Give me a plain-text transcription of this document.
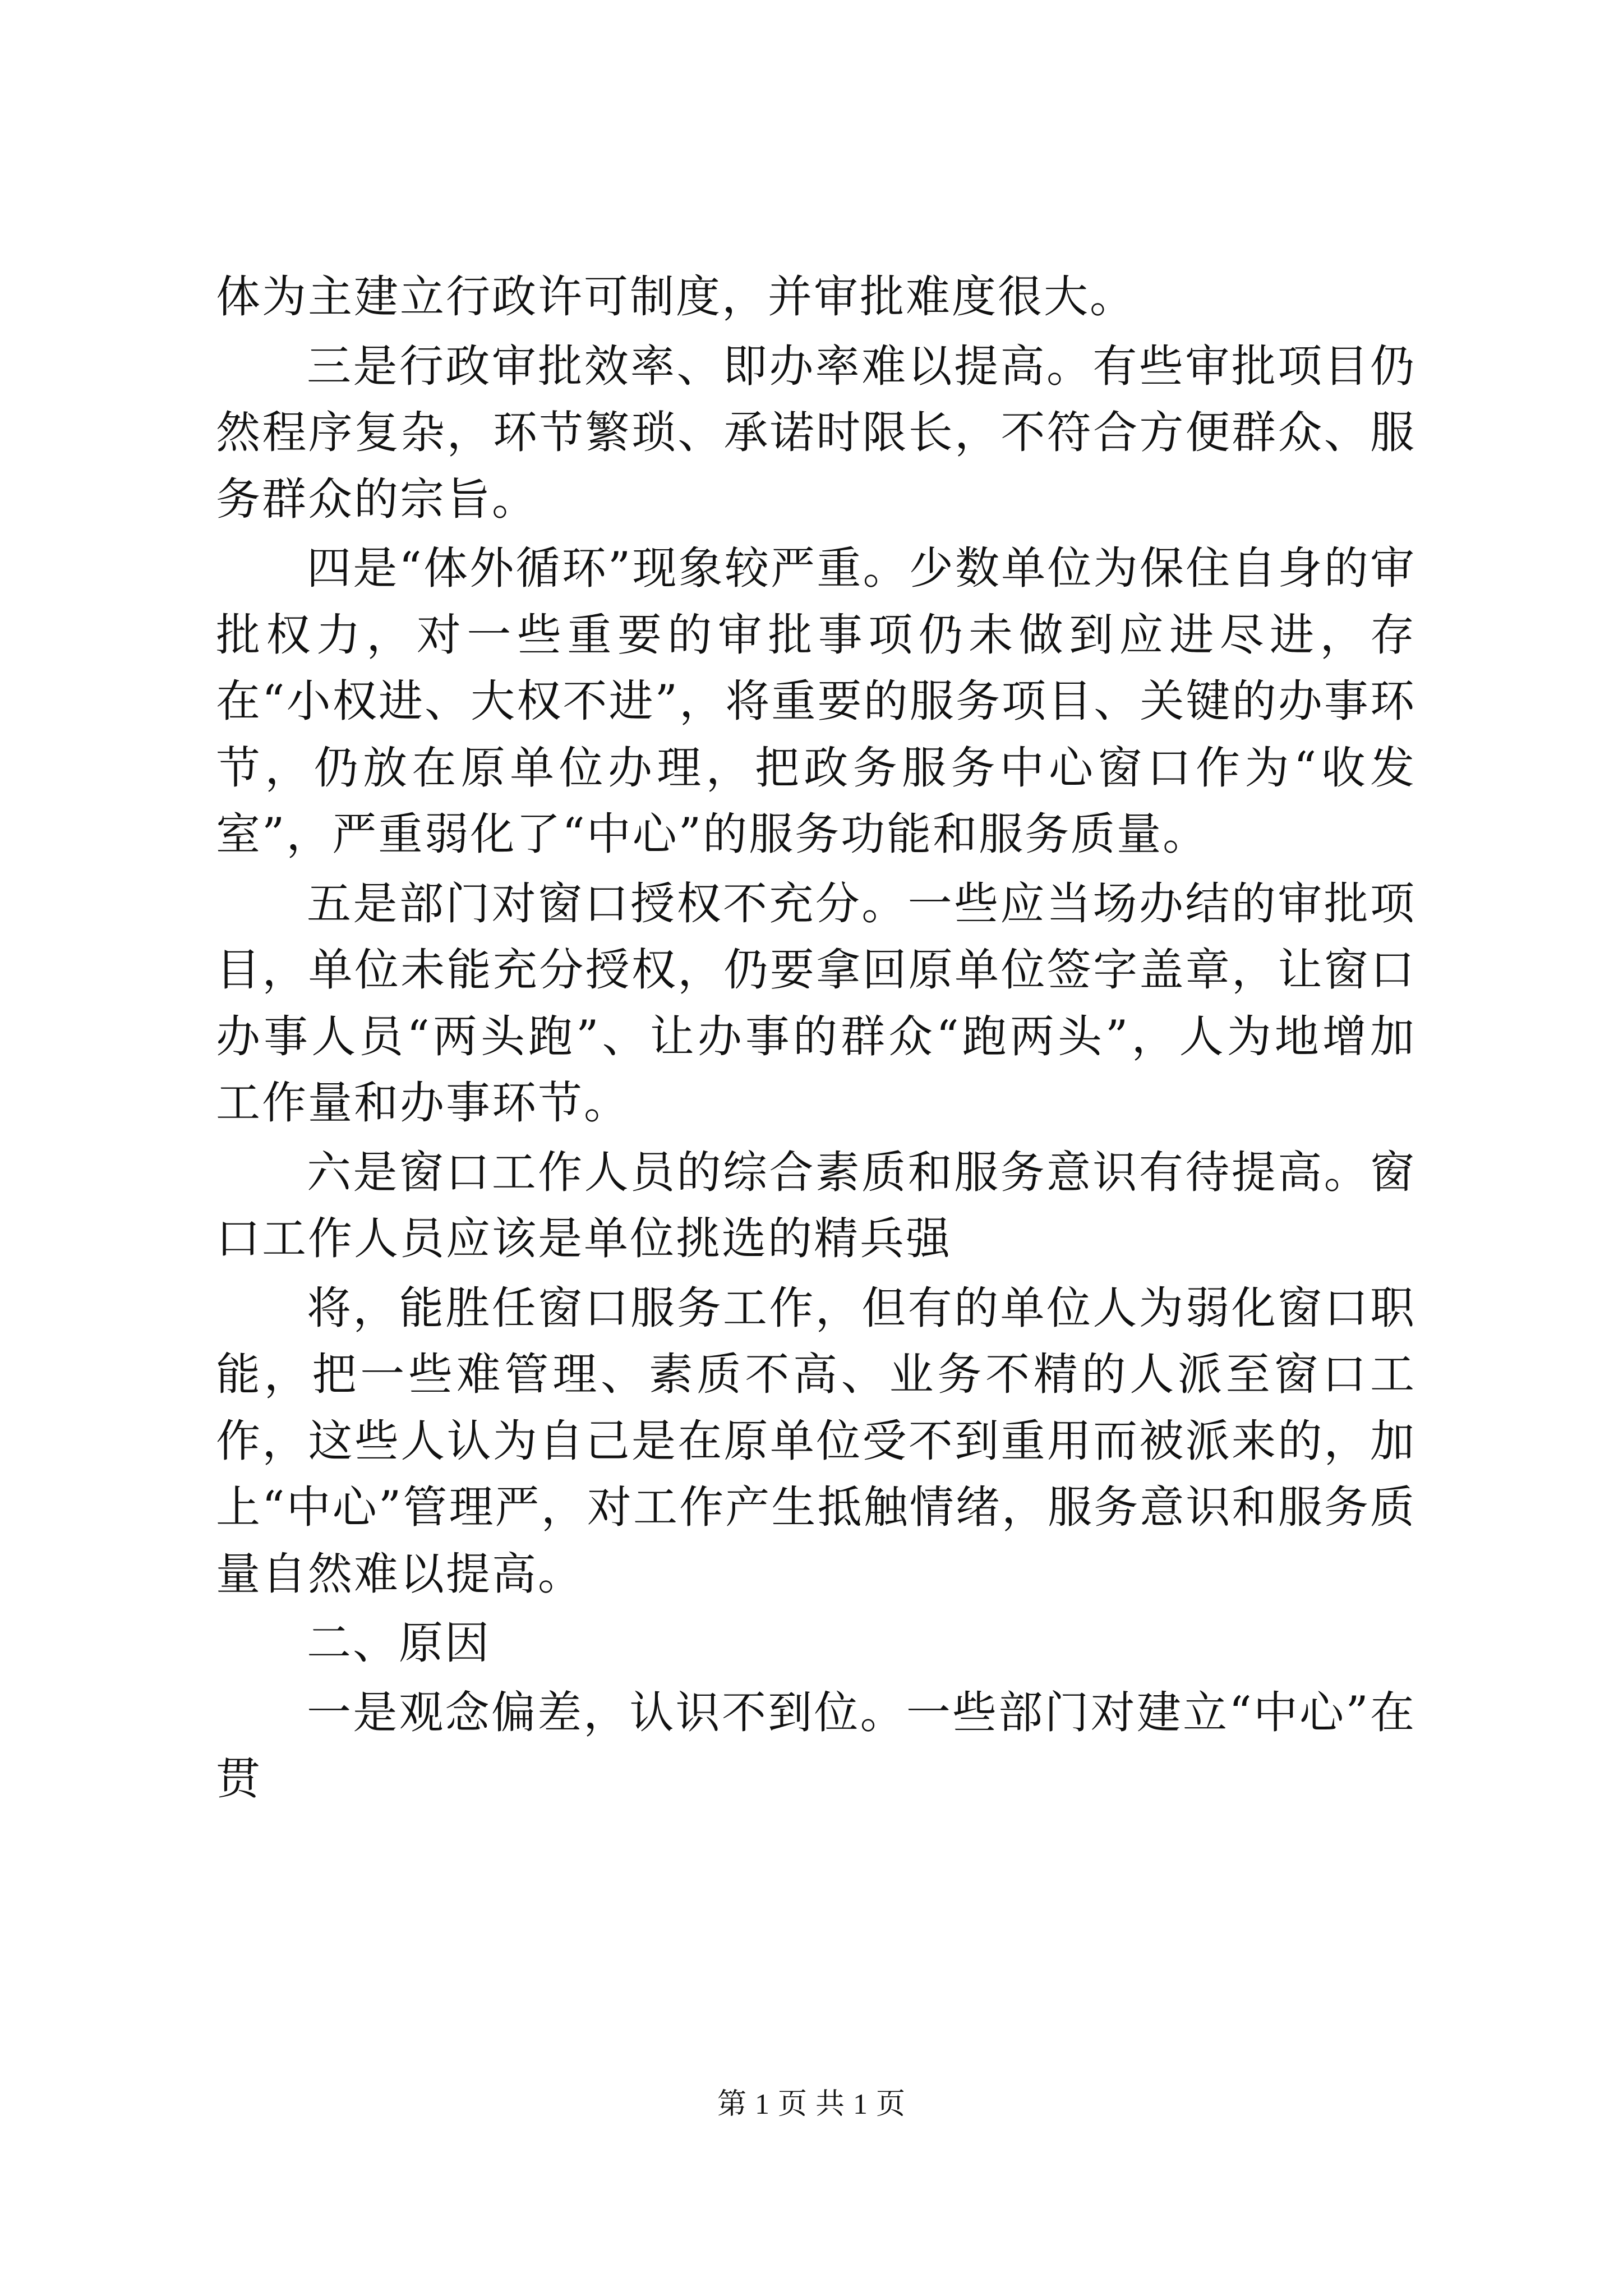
体为主建立行政许可制度，并审批难度很大。

三是行政审批效率、即办率难以提高。有些审批项目仍然程序复杂，环节繁琐、承诺时限长，不符合方便群众、服务群众的宗旨。

四是“体外循环”现象较严重。少数单位为保住自身的审批权力，对一些重要的审批事项仍未做到应进尽进，存在“小权进、大权不进”，将重要的服务项目、关键的办事环节，仍放在原单位办理，把政务服务中心窗口作为“收发室”，严重弱化了“中心”的服务功能和服务质量。

五是部门对窗口授权不充分。一些应当场办结的审批项目，单位未能充分授权，仍要拿回原单位签字盖章，让窗口办事人员“两头跑”、让办事的群众“跑两头”，人为地增加工作量和办事环节。

六是窗口工作人员的综合素质和服务意识有待提高。窗口工作人员应该是单位挑选的精兵强

将，能胜任窗口服务工作，但有的单位人为弱化窗口职能，把一些难管理、素质不高、业务不精的人派至窗口工作，这些人认为自己是在原单位受不到重用而被派来的，加上“中心”管理严，对工作产生抵触情绪，服务意识和服务质量自然难以提高。

二、原因

一是观念偏差，认识不到位。一些部门对建立“中心”在贯

第 1 页 共 1 页
